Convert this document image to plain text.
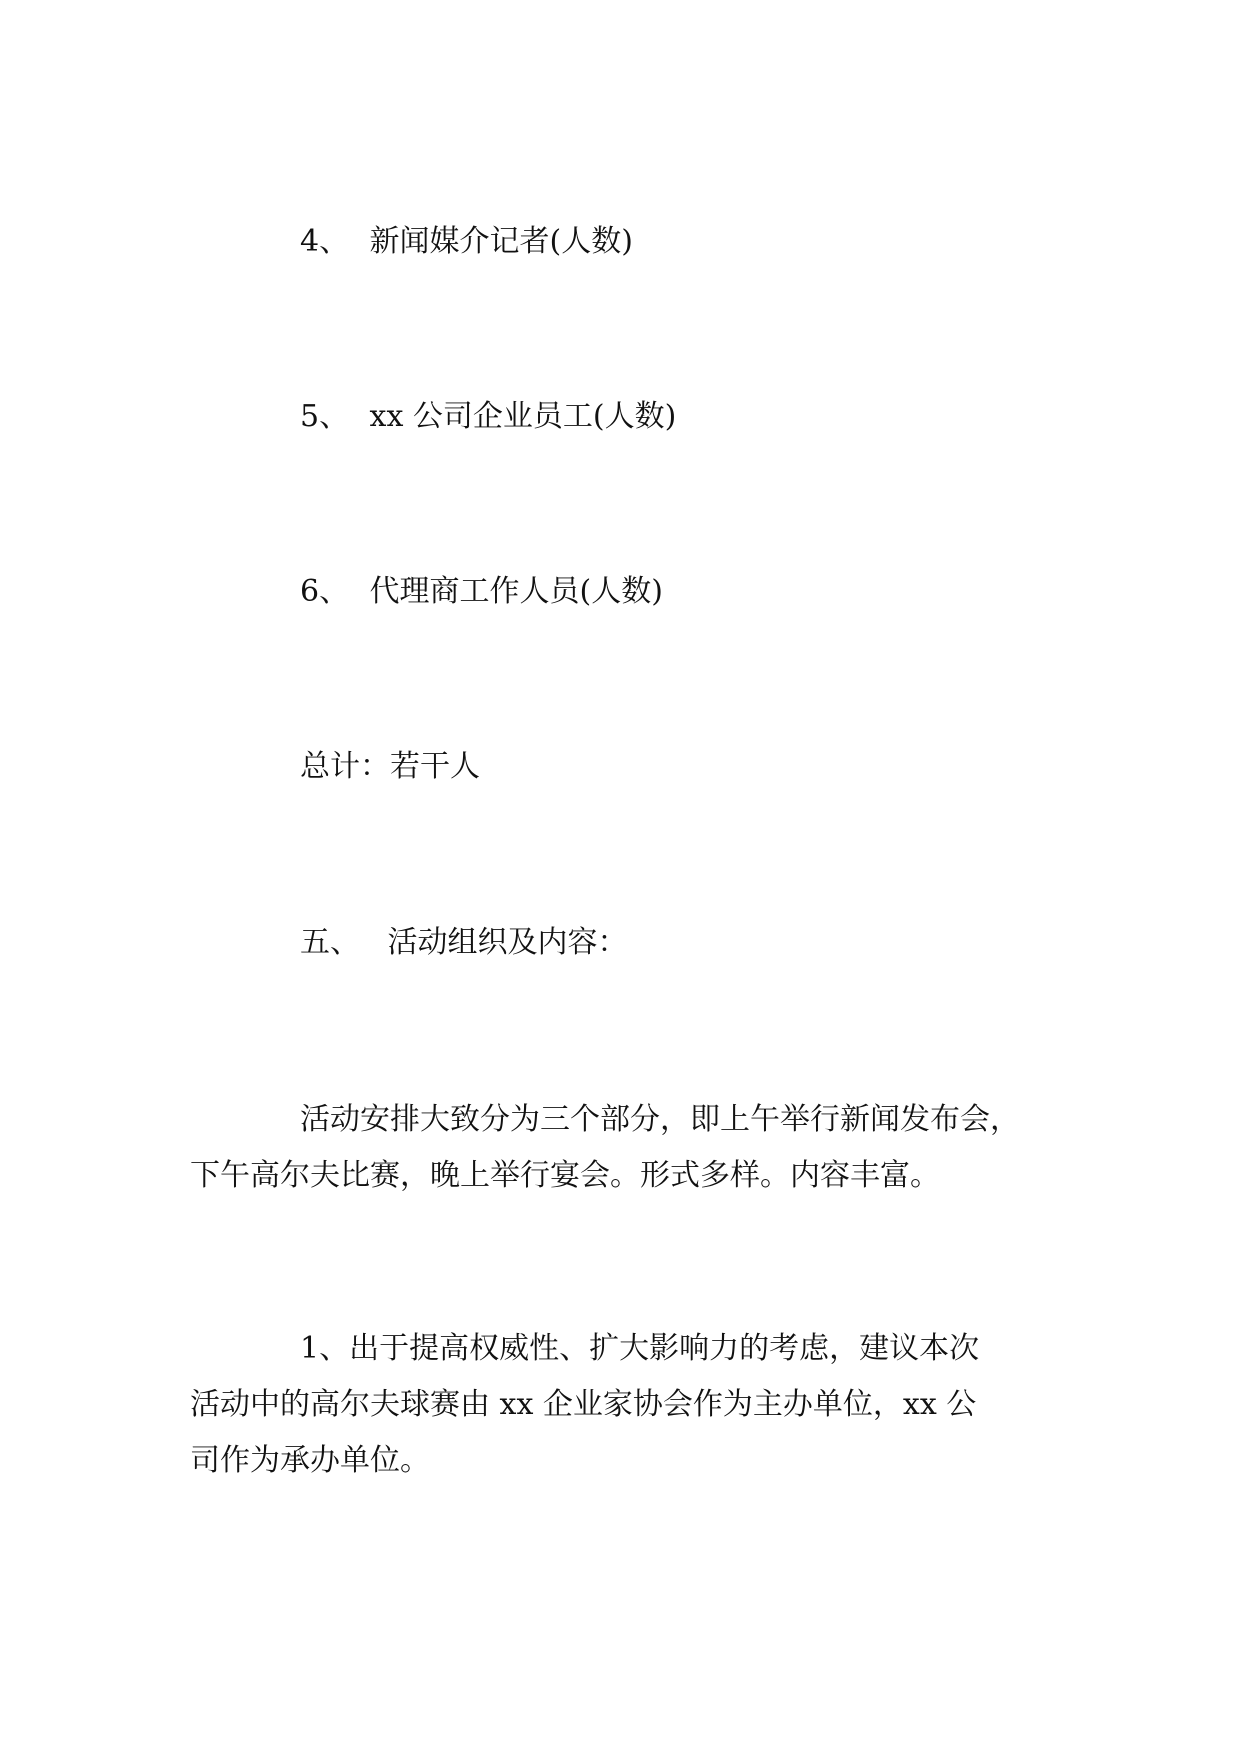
4、 新闻媒介记者(人数)
5、 xx 公司企业员工(人数)
6、 代理商工作人员(人数)
总计：若干人
五、 活动组织及内容：
活动安排大致分为三个部分，即上午举行新闻发布会，
下午高尔夫比赛，晚上举行宴会。形式多样。内容丰富。
1、出于提高权威性、扩大影响力的考虑，建议本次
活动中的高尔夫球赛由 xx 企业家协会作为主办单位，xx 公
司作为承办单位。
